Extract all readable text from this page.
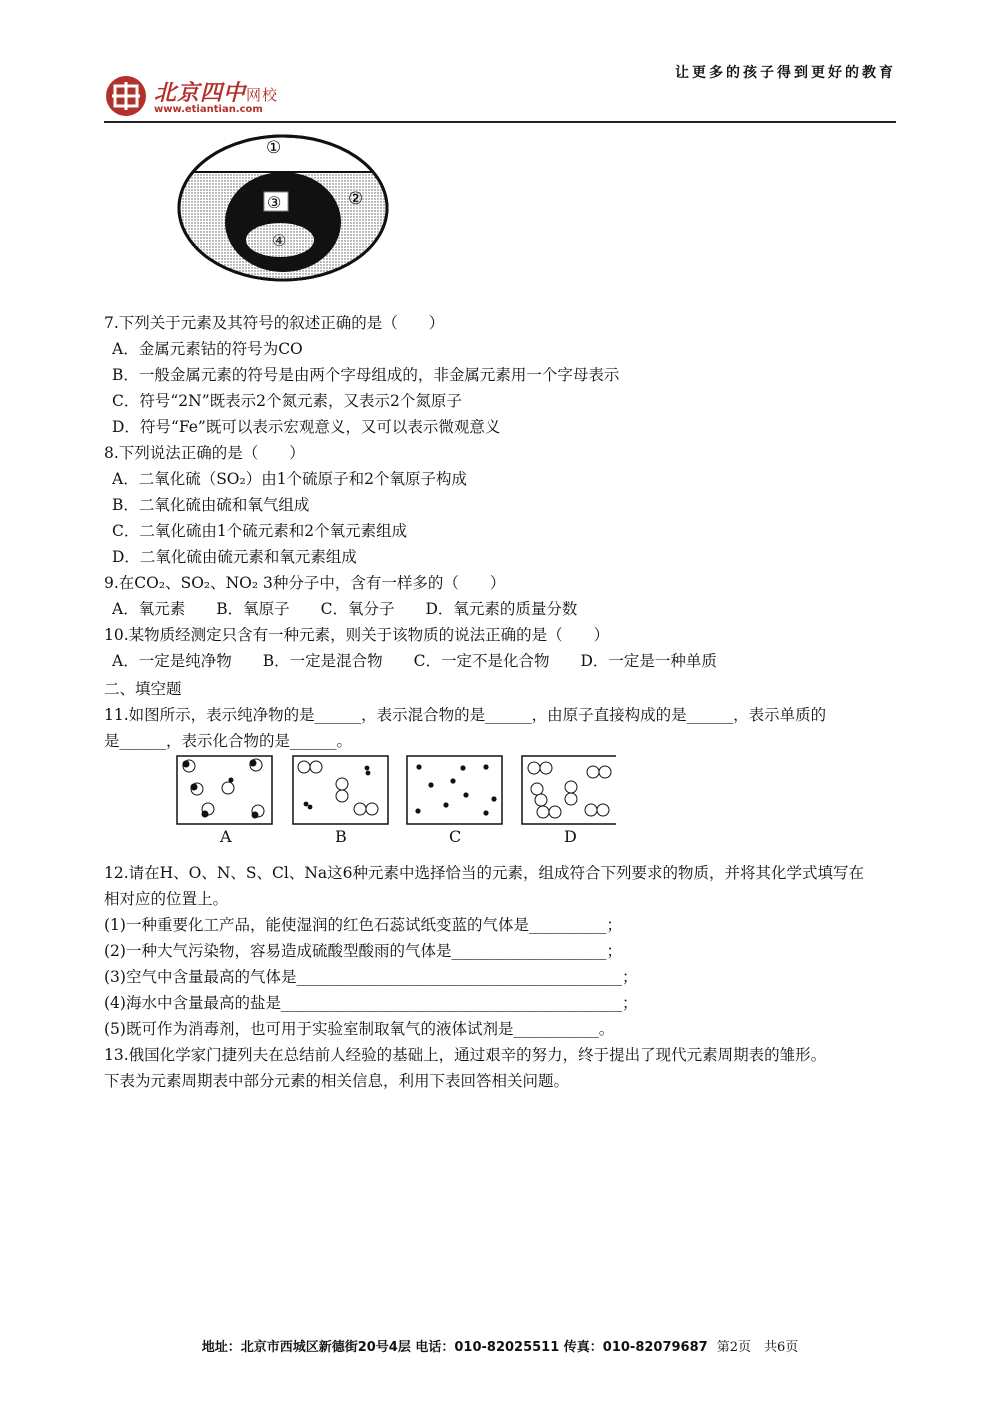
北京四中网校
www.etiantian.com
让更多的孩子得到更好的教育
①
②
③
④
7.下列关于元素及其符号的叙述正确的是（　　）
A．金属元素钴的符号为CO
B．一般金属元素的符号是由两个字母组成的，非金属元素用一个字母表示
C．符号“2N”既表示2个氮元素，又表示2个氮原子
D．符号“Fe”既可以表示宏观意义，又可以表示微观意义
8.下列说法正确的是（　　）
A．二氧化硫（SO₂）由1个硫原子和2个氧原子构成
B．二氧化硫由硫和氧气组成
C．二氧化硫由1个硫元素和2个氧元素组成
D．二氧化硫由硫元素和氧元素组成
9.在CO₂、SO₂、NO₂ 3种分子中，含有一样多的（　　）
A．氧元素　　B．氧原子　　C．氧分子　　D．氧元素的质量分数
10.某物质经测定只含有一种元素，则关于该物质的说法正确的是（　　）
A．一定是纯净物　　B．一定是混合物　　C．一定不是化合物　　D．一定是一种单质
二、填空题
11.如图所示，表示纯净物的是______，表示混合物的是______，由原子直接构成的是______，表示单质的
是______，表示化合物的是______。
A	B	C	D
12.请在H、O、N、S、Cl、Na这6种元素中选择恰当的元素，组成符合下列要求的物质，并将其化学式填写在
相对应的位置上。
(1)一种重要化工产品，能使湿润的红色石蕊试纸变蓝的气体是__________；
(2)一种大气污染物，容易造成硫酸型酸雨的气体是____________________；
(3)空气中含量最高的气体是__________________________________________；
(4)海水中含量最高的盐是____________________________________________；
(5)既可作为消毒剂，也可用于实验室制取氧气的液体试剂是___________。
13.俄国化学家门捷列夫在总结前人经验的基础上，通过艰辛的努力，终于提出了现代元素周期表的雏形。
下表为元素周期表中部分元素的相关信息，利用下表回答相关问题。
地址：北京市西城区新德街20号4层 电话：010-82025511 传真：010-82079687 第2页　共6页
